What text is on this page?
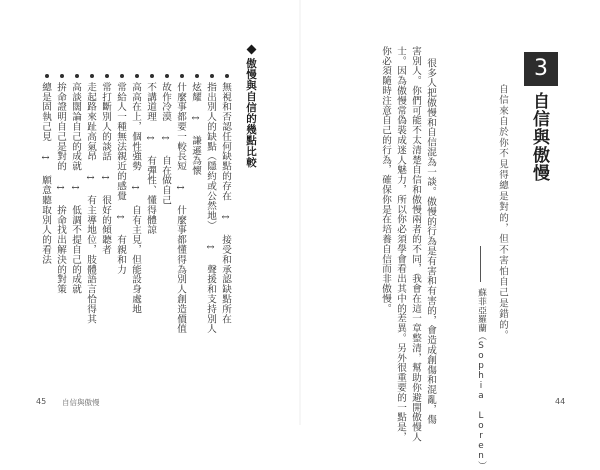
傲慢與自信的幾點比較
無視和否認任何缺點的存在 ↔ 接受和承認缺點所在
指出別人的缺點（隱約或公然地） ↔ 聲援和支持別人
炫耀 ↔ 謙遜為懷
什麼事都要一較長短 ↔ 什麼事都懂得為別人創造價值
故作冷漠 ↔ 自在做自己
不講道理 ↔ 有彈性、懂得體諒
高高在上，個性強勢 ↔ 自有主見，但能設身處地
常給人一種無法親近的感覺 ↔ 有親和力
常打斷別人的談話 ↔ 很好的傾聽者
走起路來趾高氣昂 ↔ 有主導地位，肢體語言恰得其
高談闊論自己的成就 ↔ 低調不提自己的成就
拚命證明自己是對的 ↔ 拚命找出解決的對策
總是固執己見 ↔ 願意聽取別人的看法
45 自信與傲慢
3
自信與傲慢
自信來自於你不見得總是對的，但不害怕自己是錯的。
蘇菲亞羅蘭（Sophia Loren）
很多人把傲慢和自信混為一談。傲慢的行為是有害和有害的，會造成創傷和混亂，傷
害別人。你們可能不太清楚自信和傲慢兩者的不同，我會在這一章整清，幫助你避開傲慢人
士。因為傲慢常偽裝成迷人魅力，所以你必須學會看出其中的差異。另外很重要的一點是，
你必須隨時注意自己的行為，確保你是在培養自信而非傲慢。
44
